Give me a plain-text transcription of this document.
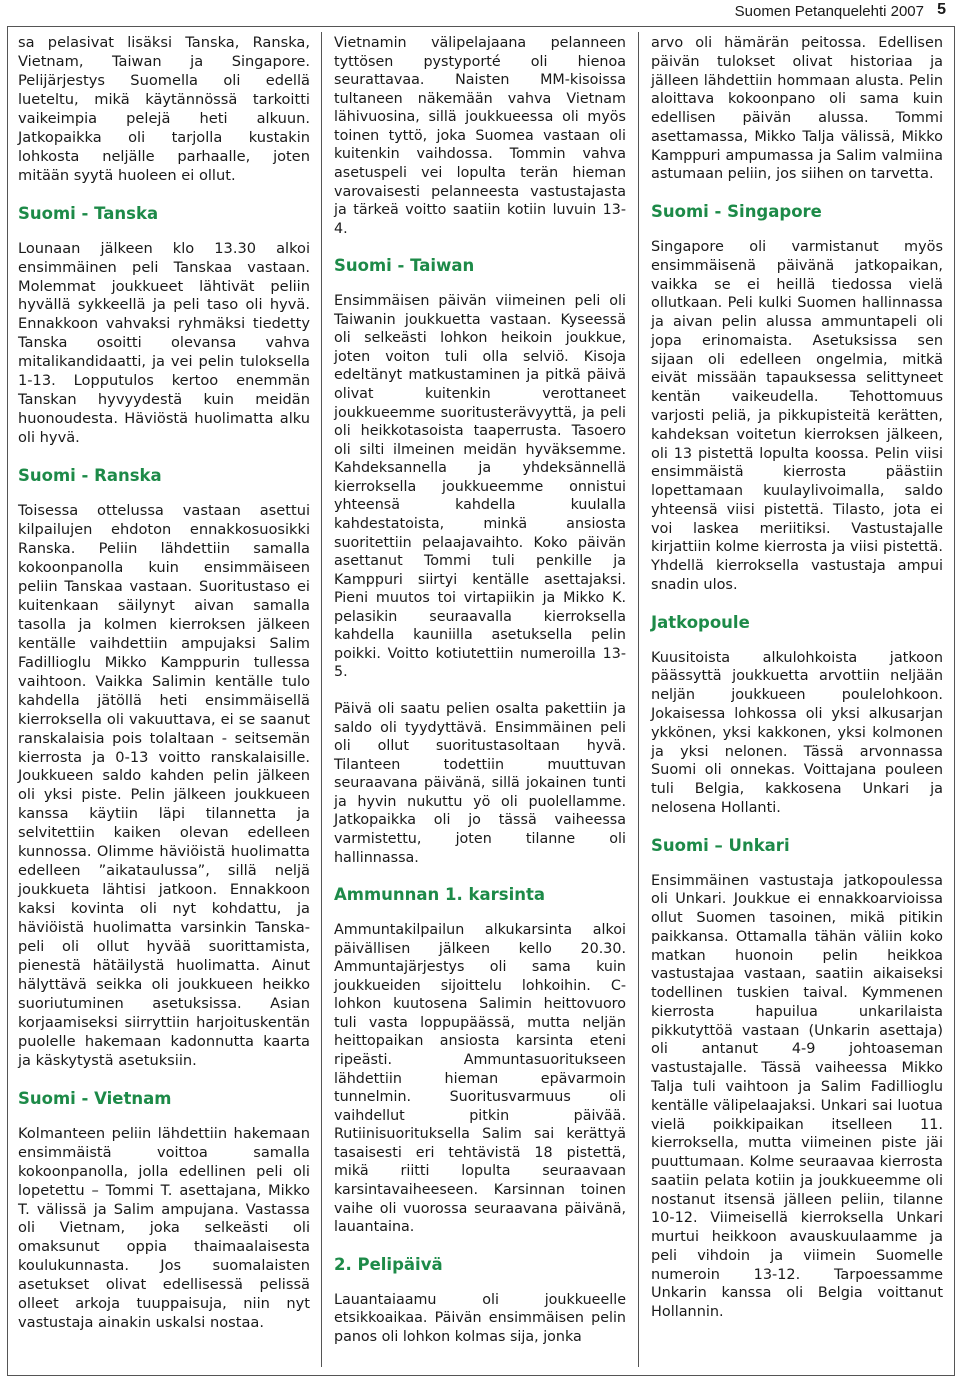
Suomen Petanquelehti 2007 5

sa pelasivat lisäksi Tanska, Ranska, Vietnam, Taiwan ja Singapore. Pelijärjestys Suomella oli edellä lueteltu, mikä käytännössä tarkoitti vaikeimpia pelejä heti alkuun. Jatkopaikka oli tarjolla kustakin lohkosta neljälle parhaalle, joten mitään syytä huoleen ei ollut.

Suomi - Tanska

Lounaan jälkeen klo 13.30 alkoi ensimmäinen peli Tanskaa vastaan. Molemmat joukkueet lähtivät peliin hyvällä sykkeellä ja peli taso oli hyvä. Ennakkoon vahvaksi ryhmäksi tiedetty Tanska osoitti olevansa vahva mitalikandidaatti, ja vei pelin tuloksella 1-13. Lopputulos kertoo enemmän Tanskan hyvyydestä kuin meidän huonoudesta. Häviöstä huolimatta alku oli hyvä.

Suomi - Ranska

Toisessa ottelussa vastaan asettui kilpailujen ehdoton ennakkosuosikki Ranska. Peliin lähdettiin samalla kokoonpanolla kuin ensimmäiseen peliin Tanskaa vastaan. Suoritustaso ei kuitenkaan säilynyt aivan samalla tasolla ja kolmen kierroksen jälkeen kentälle vaihdettiin ampujaksi Salim Fadillioglu Mikko Kamppurin tullessa vaihtoon. Vaikka Salimin kentälle tulo kahdella jätöllä heti ensimmäisellä kierroksella oli vakuuttava, ei se saanut ranskalaisia pois tolaltaan - seitsemän kierrosta ja 0-13 voitto ranskalaisille. Joukkueen saldo kahden pelin jälkeen oli yksi piste. Pelin jälkeen joukkueen kanssa käytiin läpi tilannetta ja selvitettiin kaiken olevan edelleen kunnossa. Olimme häviöistä huolimatta edelleen ”aikataulussa”, sillä neljä joukkueta lähtisi jatkoon. Ennakkoon kaksi kovinta oli nyt kohdattu, ja häviöistä huolimatta varsinkin Tanska-peli oli ollut hyvää suorittamista, pienestä hätäilystä huolimatta. Ainut hälyttävä seikka oli joukkueen heikko suoriutuminen asetuksissa. Asian korjaamiseksi siirryttiin harjoituskentän puolelle hakemaan kadonnutta kaarta ja käskytystä asetuksiin.

Suomi - Vietnam

Kolmanteen peliin lähdettiin hakemaan ensimmäistä voittoa samalla kokoonpanolla, jolla edellinen peli oli lopetettu – Tommi T. asettajana, Mikko T. välissä ja Salim ampujana. Vastassa oli Vietnam, joka selkeästi oli omaksunut oppia thaimaalaisesta koulukunnasta. Jos suomalaisten asetukset olivat edellisessä pelissä olleet arkoja tuuppaisuja, niin nyt vastustaja ainakin uskalsi nostaa.

Vietnamin välipelajaana pelanneen tyttösen pystyporté oli hienoa seurattavaa. Naisten MM-kisoissa tultaneen näkemään vahva Vietnam lähivuosina, sillä joukkueessa oli myös toinen tyttö, joka Suomea vastaan oli kuitenkin vaihdossa. Tommin vahva asetuspeli vei lopulta terän hieman varovaisesti pelanneesta vastustajasta ja tärkeä voitto saatiin kotiin luvuin 13-4.

Suomi - Taiwan

Ensimmäisen päivän viimeinen peli oli Taiwanin joukkuetta vastaan. Kyseessä oli selkeästi lohkon heikoin joukkue, joten voiton tuli olla selviö. Kisoja edeltänyt matkustaminen ja pitkä päivä olivat kuitenkin verottaneet joukkueemme suoritusterävyyttä, ja peli oli heikkotasoista taaperrusta. Tasoero oli silti ilmeinen meidän hyväksemme. Kahdeksannella ja yhdeksännellä kierroksella joukkueemme onnistui yhteensä kahdella kuulalla kahdestatoista, minkä ansiosta suoritettiin pelaajavaihto. Koko päivän asettanut Tommi tuli penkille ja Kamppuri siirtyi kentälle asettajaksi. Pieni muutos toi virtapiikin ja Mikko K. pelasikin seuraavalla kierroksella kahdella kauniilla asetuksella pelin poikki. Voitto kotiutettiin numeroilla 13-5.

Päivä oli saatu pelien osalta pakettiin ja saldo oli tyydyttävä. Ensimmäinen peli oli ollut suoritustasoltaan hyvä. Tilanteen todettiin muuttuvan seuraavana päivänä, sillä jokainen tunti ja hyvin nukuttu yö oli puolellamme. Jatkopaikka oli jo tässä vaiheessa varmistettu, joten tilanne oli hallinnassa.

Ammunnan 1. karsinta

Ammuntakilpailun alkukarsinta alkoi päivällisen jälkeen kello 20.30. Ammuntajärjestys oli sama kuin joukkueiden sijoittelu lohkoihin. C-lohkon kuutosena Salimin heittovuoro tuli vasta loppupäässä, mutta neljän heittopaikan ansiosta karsinta eteni ripeästi. Ammuntasuoritukseen lähdettiin hieman epävarmoin tunnelmin. Suoritusvarmuus oli vaihdellut pitkin päivää. Rutiinisuorituksella Salim sai kerättyä tasaisesti eri tehtävistä 18 pistettä, mikä riitti lopulta seuraavaan karsintavaiheeseen. Karsinnan toinen vaihe oli vuorossa seuraavana päivänä, lauantaina.

2. Pelipäivä

Lauantaiaamu oli joukkueelle etsikkoaikaa. Päivän ensimmäisen pelin panos oli lohkon kolmas sija, jonka

arvo oli hämärän peitossa. Edellisen päivän tulokset olivat historiaa ja jälleen lähdettiin hommaan alusta. Pelin aloittava kokoonpano oli sama kuin edellisen päivän alussa. Tommi asettamassa, Mikko Talja välissä, Mikko Kamppuri ampumassa ja Salim valmiina astumaan peliin, jos siihen on tarvetta.

Suomi - Singapore

Singapore oli varmistanut myös ensimmäisenä päivänä jatkopaikan, vaikka se ei heillä tiedossa vielä ollutkaan. Peli kulki Suomen hallinnassa ja aivan pelin alussa ammuntapeli oli jopa erinomaista. Asetuksissa sen sijaan oli edelleen ongelmia, mitkä eivät missään tapauksessa selittyneet kentän vaikeudella. Tehottomuus varjosti peliä, ja pikkupisteitä kerätten, kahdeksan voitetun kierroksen jälkeen, oli 13 pistettä lopulta koossa. Pelin viisi ensimmäistä kierrosta päästiin lopettamaan kuulaylivoimalla, saldo yhteensä viisi pistettä. Tilasto, jota ei voi laskea meriitiksi. Vastustajalle kirjattiin kolme kierrosta ja viisi pistettä. Yhdellä kierroksella vastustaja ampui snadin ulos.

Jatkopoule

Kuusitoista alkulohkoista jatkoon päässyttä joukkuetta arvottiin neljään neljän joukkueen poulelohkoon. Jokaisessa lohkossa oli yksi alkusarjan ykkönen, yksi kakkonen, yksi kolmonen ja yksi nelonen. Tässä arvonnassa Suomi oli onnekas. Voittajana pouleen tuli Belgia, kakkosena Unkari ja nelosena Hollanti.

Suomi – Unkari

Ensimmäinen vastustaja jatkopoulessa oli Unkari. Joukkue ei ennakkoarvioissa ollut Suomen tasoinen, mikä pitikin paikkansa. Ottamalla tähän väliin koko matkan huonoin pelin heikkoa vastustajaa vastaan, saatiin aikaiseksi todellinen tuskien taival. Kymmenen kierrosta hapuilua unkarilaista pikkutyttöä vastaan (Unkarin asettaja) oli antanut 4-9 johtoaseman vastustajalle. Tässä vaiheessa Mikko Talja tuli vaihtoon ja Salim Fadillioglu kentälle välipelaajaksi. Unkari sai luotua vielä poikkipaikan itselleen 11. kierroksella, mutta viimeinen piste jäi puuttumaan. Kolme seuraavaa kierrosta saatiin pelata kotiin ja joukkueemme oli nostanut itsensä jälleen peliin, tilanne 10-12. Viimeisellä kierroksella Unkari murtui heikkoon avauskuulaamme ja peli vihdoin ja viimein Suomelle numeroin 13-12. Tarpoessamme Unkarin kanssa oli Belgia voittanut Hollannin.
